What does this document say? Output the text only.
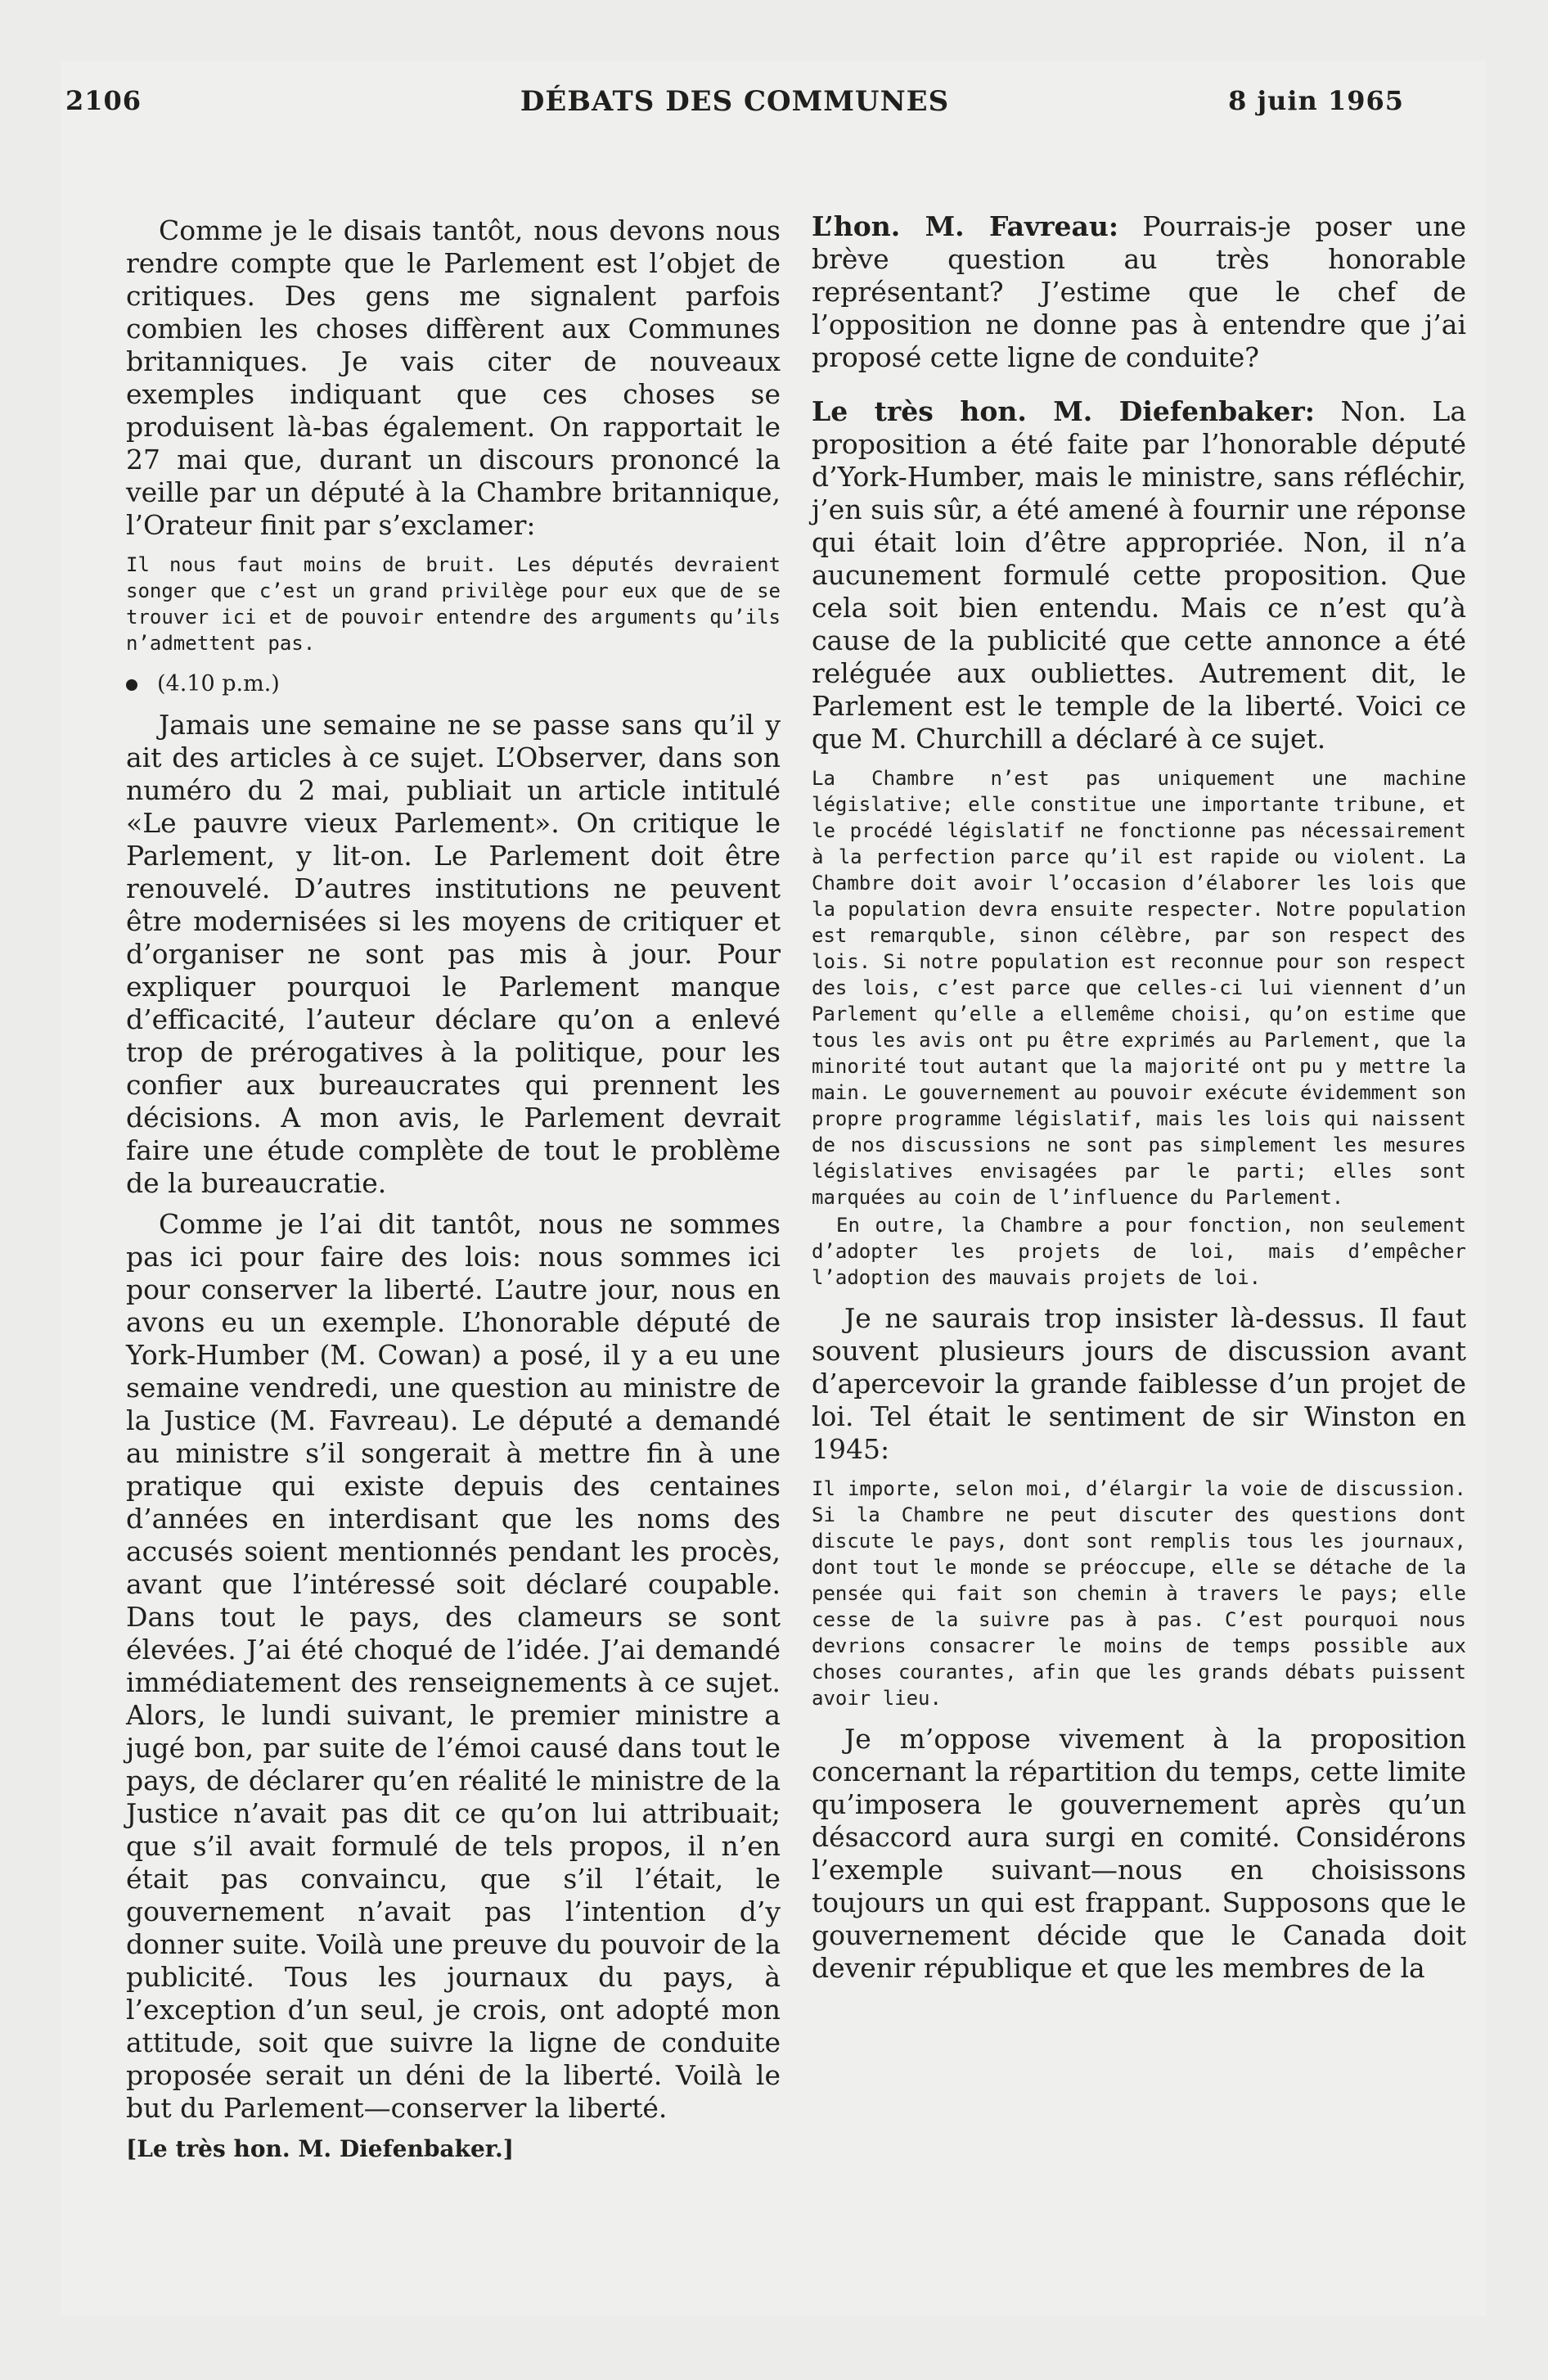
2106	DÉBATS DES COMMUNES	8 juin 1965

Comme je le disais tantôt, nous devons nous rendre compte que le Parlement est l’objet de critiques. Des gens me signalent parfois combien les choses diffèrent aux Communes britanniques. Je vais citer de nouveaux exemples indiquant que ces choses se produisent là-bas également. On rapportait le 27 mai que, durant un discours prononcé la veille par un député à la Chambre britannique, l’Orateur finit par s’exclamer:

Il nous faut moins de bruit. Les députés devraient songer que c’est un grand privilège pour eux que de se trouver ici et de pouvoir entendre des arguments qu’ils n’admettent pas.

(4.10 p.m.)

Jamais une semaine ne se passe sans qu’il y ait des articles à ce sujet. L’Observer, dans son numéro du 2 mai, publiait un article intitulé «Le pauvre vieux Parlement». On critique le Parlement, y lit-on. Le Parlement doit être renouvelé. D’autres institutions ne peuvent être modernisées si les moyens de critiquer et d’organiser ne sont pas mis à jour. Pour expliquer pourquoi le Parlement manque d’efficacité, l’auteur déclare qu’on a enlevé trop de prérogatives à la politique, pour les confier aux bureaucrates qui prennent les décisions. A mon avis, le Parlement devrait faire une étude complète de tout le problème de la bureaucratie.

Comme je l’ai dit tantôt, nous ne sommes pas ici pour faire des lois: nous sommes ici pour conserver la liberté. L’autre jour, nous en avons eu un exemple. L’honorable député de York-Humber (M. Cowan) a posé, il y a eu une semaine vendredi, une question au ministre de la Justice (M. Favreau). Le député a demandé au ministre s’il songerait à mettre fin à une pratique qui existe depuis des centaines d’années en interdisant que les noms des accusés soient mentionnés pendant les procès, avant que l’intéressé soit déclaré coupable. Dans tout le pays, des clameurs se sont élevées. J’ai été choqué de l’idée. J’ai demandé immédiatement des renseignements à ce sujet. Alors, le lundi suivant, le premier ministre a jugé bon, par suite de l’émoi causé dans tout le pays, de déclarer qu’en réalité le ministre de la Justice n’avait pas dit ce qu’on lui attribuait; que s’il avait formulé de tels propos, il n’en était pas convaincu, que s’il l’était, le gouvernement n’avait pas l’intention d’y donner suite. Voilà une preuve du pouvoir de la publicité. Tous les journaux du pays, à l’exception d’un seul, je crois, ont adopté mon attitude, soit que suivre la ligne de conduite proposée serait un déni de la liberté. Voilà le but du Parlement—conserver la liberté.

[Le très hon. M. Diefenbaker.]

L’hon. M. Favreau: Pourrais-je poser une brève question au très honorable représentant? J’estime que le chef de l’opposition ne donne pas à entendre que j’ai proposé cette ligne de conduite?

Le très hon. M. Diefenbaker: Non. La proposition a été faite par l’honorable député d’York-Humber, mais le ministre, sans réfléchir, j’en suis sûr, a été amené à fournir une réponse qui était loin d’être appropriée. Non, il n’a aucunement formulé cette proposition. Que cela soit bien entendu. Mais ce n’est qu’à cause de la publicité que cette annonce a été reléguée aux oubliettes. Autrement dit, le Parlement est le temple de la liberté. Voici ce que M. Churchill a déclaré à ce sujet.

La Chambre n’est pas uniquement une machine législative; elle constitue une importante tribune, et le procédé législatif ne fonctionne pas nécessairement à la perfection parce qu’il est rapide ou violent. La Chambre doit avoir l’occasion d’élaborer les lois que la population devra ensuite respecter. Notre population est remarquble, sinon célèbre, par son respect des lois. Si notre population est reconnue pour son respect des lois, c’est parce que celles-ci lui viennent d’un Parlement qu’elle a ellemême choisi, qu’on estime que tous les avis ont pu être exprimés au Parlement, que la minorité tout autant que la majorité ont pu y mettre la main. Le gouvernement au pouvoir exécute évidemment son propre programme législatif, mais les lois qui naissent de nos discussions ne sont pas simplement les mesures législatives envisagées par le parti; elles sont marquées au coin de l’influence du Parlement.

En outre, la Chambre a pour fonction, non seulement d’adopter les projets de loi, mais d’empêcher l’adoption des mauvais projets de loi.

Je ne saurais trop insister là-dessus. Il faut souvent plusieurs jours de discussion avant d’apercevoir la grande faiblesse d’un projet de loi. Tel était le sentiment de sir Winston en 1945:

Il importe, selon moi, d’élargir la voie de discussion. Si la Chambre ne peut discuter des questions dont discute le pays, dont sont remplis tous les journaux, dont tout le monde se préoccupe, elle se détache de la pensée qui fait son chemin à travers le pays; elle cesse de la suivre pas à pas. C’est pourquoi nous devrions consacrer le moins de temps possible aux choses courantes, afin que les grands débats puissent avoir lieu.

Je m’oppose vivement à la proposition concernant la répartition du temps, cette limite qu’imposera le gouvernement après qu’un désaccord aura surgi en comité. Considérons l’exemple suivant—nous en choisissons toujours un qui est frappant. Supposons que le gouvernement décide que le Canada doit devenir république et que les membres de la
